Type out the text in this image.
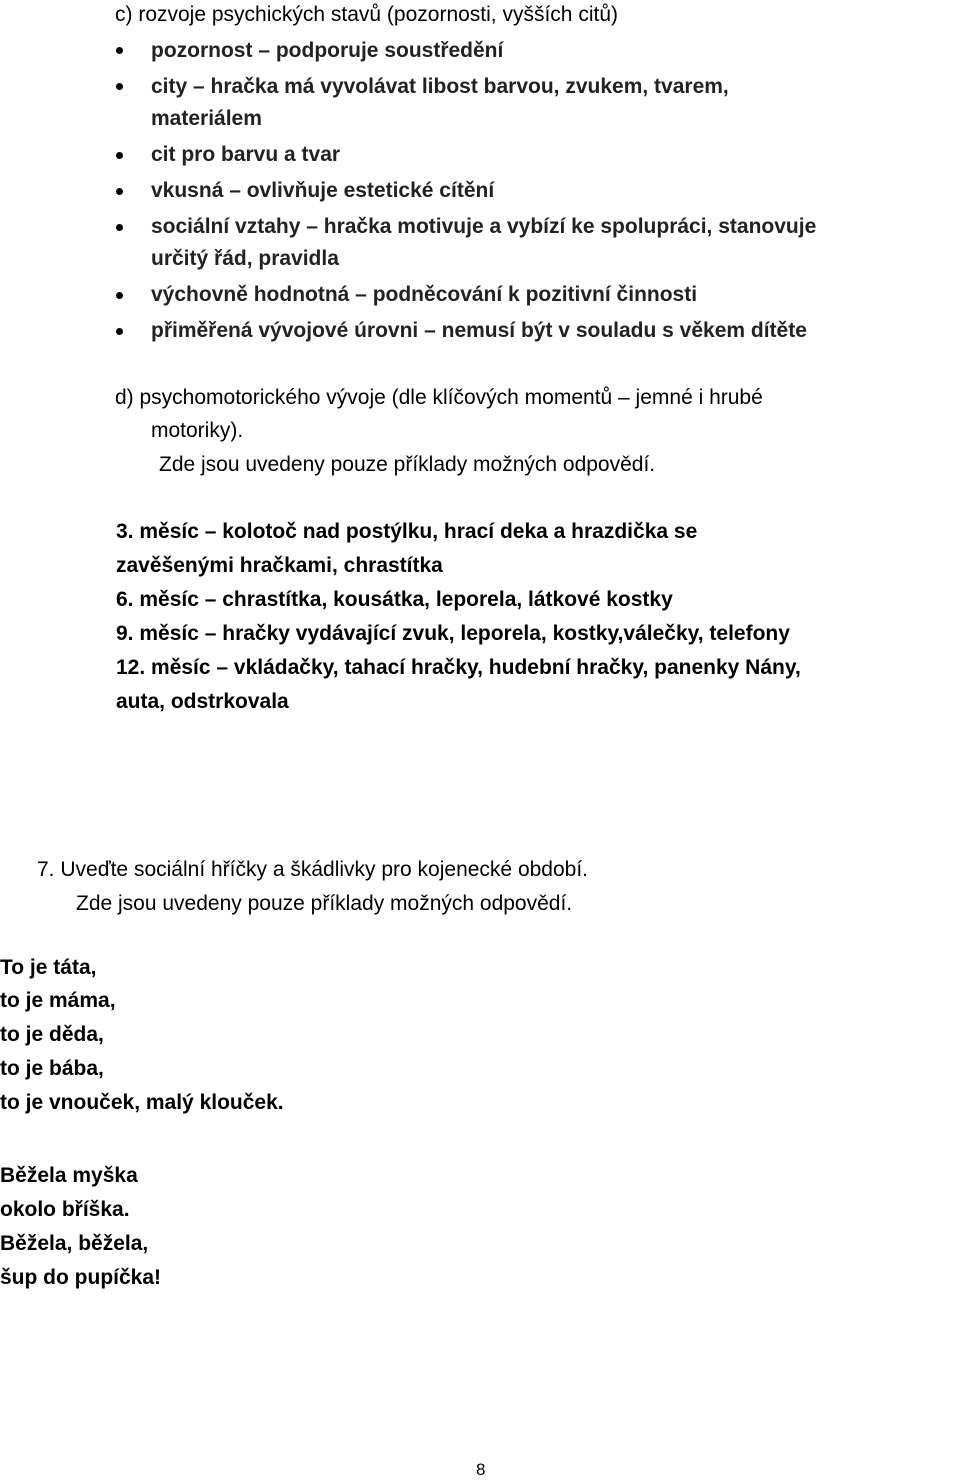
c) rozvoje psychických stavů (pozornosti, vyšších citů)

pozornost – podporuje soustředění

city – hračka má vyvolávat libost barvou, zvukem, tvarem,

materiálem

cit pro barvu a tvar

vkusná – ovlivňuje estetické cítění

sociální vztahy – hračka motivuje a vybízí ke spolupráci, stanovuje

určitý řád, pravidla

výchovně hodnotná – podněcování k pozitivní činnosti

přiměřená vývojové úrovni – nemusí být v souladu s věkem dítěte

d) psychomotorického vývoje (dle klíčových momentů – jemné i hrubé

motoriky).

Zde jsou uvedeny pouze příklady možných odpovědí.

3. měsíc – kolotoč nad postýlku, hrací deka a hrazdička se

zavěšenými hračkami, chrastítka

6. měsíc – chrastítka, kousátka, leporela, látkové kostky

9. měsíc – hračky vydávající zvuk, leporela, kostky,válečky, telefony

12. měsíc – vkládačky, tahací hračky, hudební hračky, panenky Nány,

auta, odstrkovala

7. Uveďte sociální hříčky a škádlivky pro kojenecké období.

Zde jsou uvedeny pouze příklady možných odpovědí.

To je táta,

to je máma,

to je děda,

to je bába,

to je vnouček, malý klouček.

Běžela myška

okolo bříška.

Běžela, běžela,

šup do pupíčka!

8
